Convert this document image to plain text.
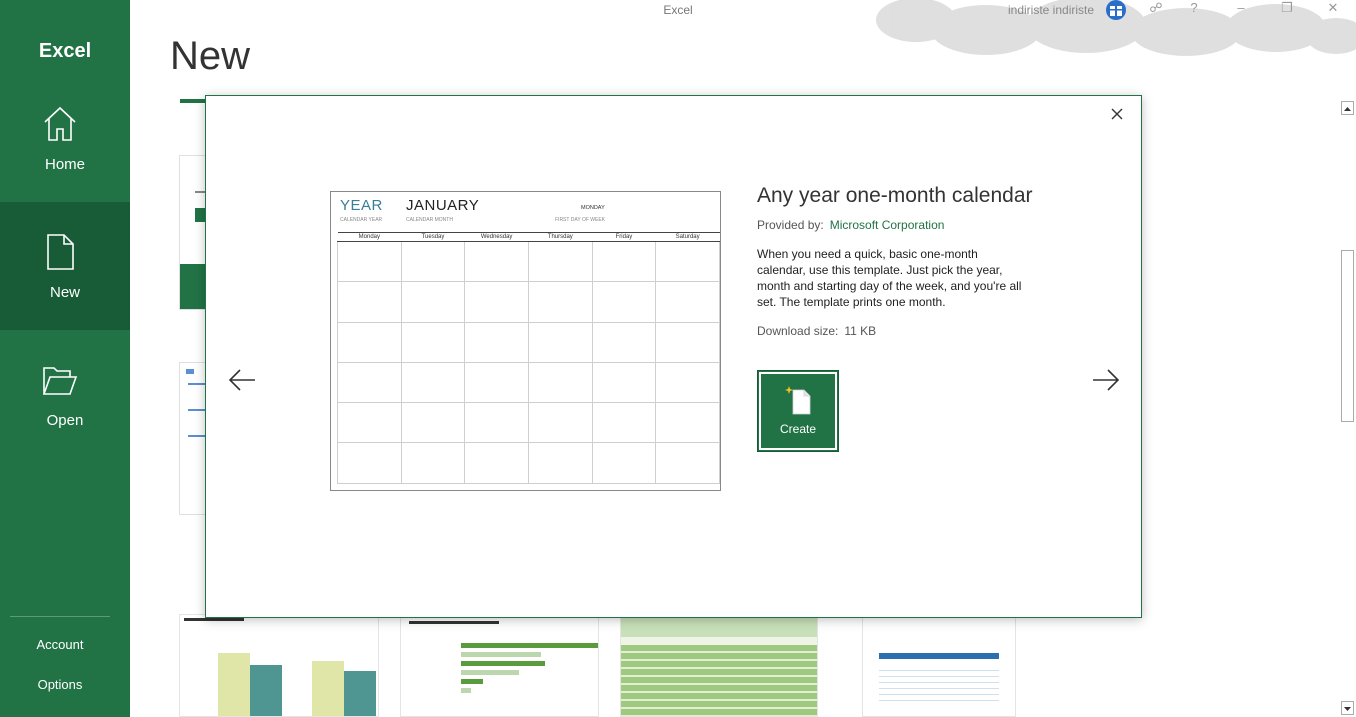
Excel
Home
New
Open
Account
Options
Excel	indiriste indiriste	☍	?	–	❐	✕
New
YEAR JANUARY	MONDAY
CALENDAR YEAR	CALENDAR MONTH	FIRST DAY OF WEEK
Monday	Tuesday	Wednesday	Thursday	Friday	Saturday

Any year one-month calendar
Provided by: Microsoft Corporation
When you need a quick, basic one-month calendar, use this template. Just pick the year, month and starting day of the week, and you're all set. The template prints one month.
Download size: 11 KB
Create
